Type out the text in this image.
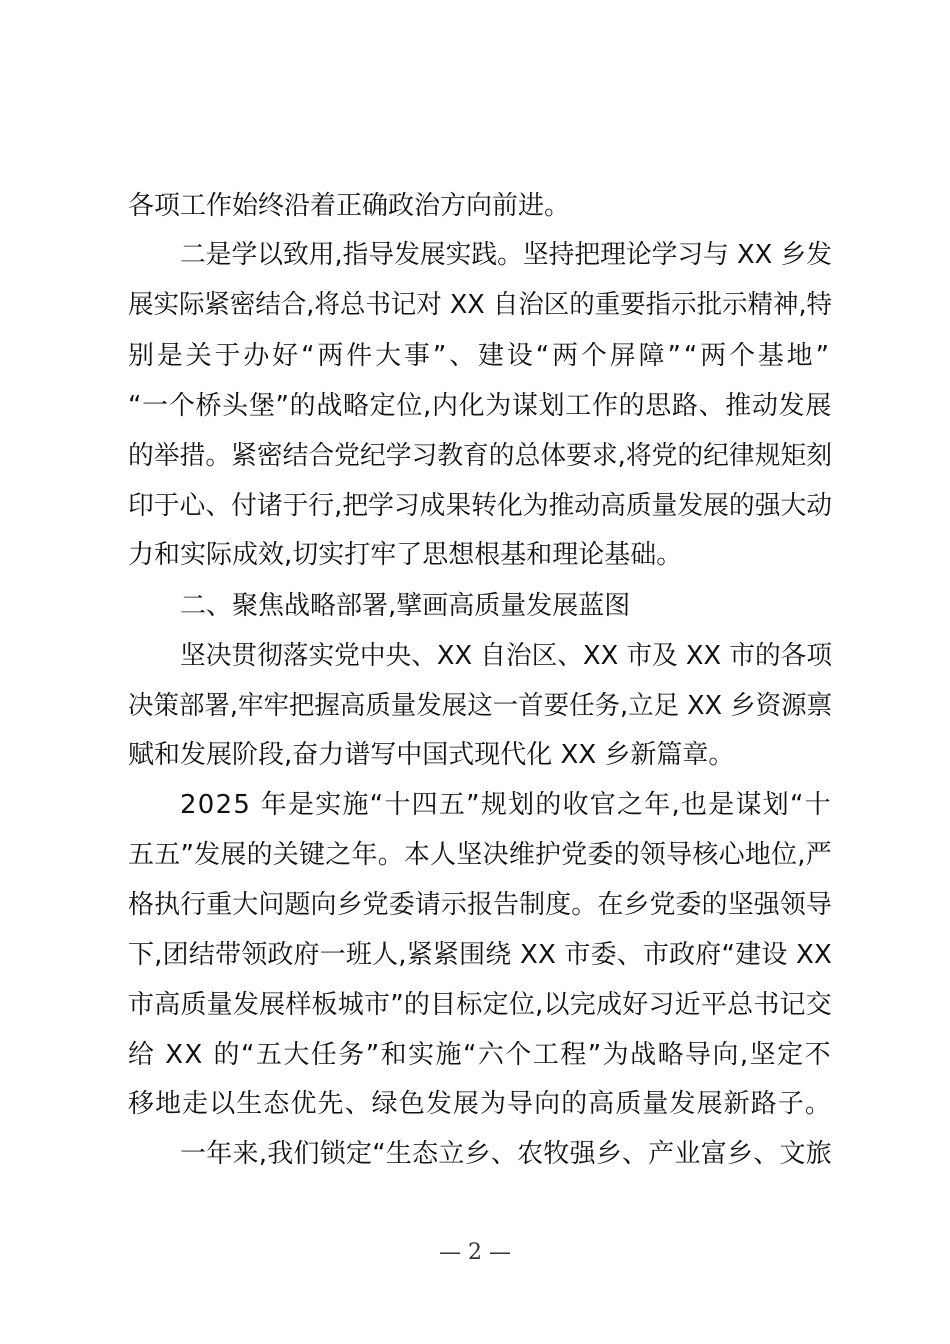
各项工作始终沿着正确政治方向前进。
二是学以致用,指导发展实践。坚持把理论学习与 XX 乡发
展实际紧密结合,将总书记对 XX 自治区的重要指示批示精神,特
别是关于办好“两件大事”、建设“两个屏障”“两个基地”
“一个桥头堡”的战略定位,内化为谋划工作的思路、推动发展
的举措。紧密结合党纪学习教育的总体要求,将党的纪律规矩刻
印于心、付诸于行,把学习成果转化为推动高质量发展的强大动
力和实际成效,切实打牢了思想根基和理论基础。
二、聚焦战略部署,擘画高质量发展蓝图
坚决贯彻落实党中央、XX 自治区、XX 市及 XX 市的各项
决策部署,牢牢把握高质量发展这一首要任务,立足 XX 乡资源禀
赋和发展阶段,奋力谱写中国式现代化 XX 乡新篇章。
2025 年是实施“十四五”规划的收官之年,也是谋划“十
五五”发展的关键之年。本人坚决维护党委的领导核心地位,严
格执行重大问题向乡党委请示报告制度。在乡党委的坚强领导
下,团结带领政府一班人,紧紧围绕 XX 市委、市政府“建设 XX
市高质量发展样板城市”的目标定位,以完成好习近平总书记交
给 XX 的“五大任务”和实施“六个工程”为战略导向,坚定不
移地走以生态优先、绿色发展为导向的高质量发展新路子。
一年来,我们锁定“生态立乡、农牧强乡、产业富乡、文旅
— 2 —
